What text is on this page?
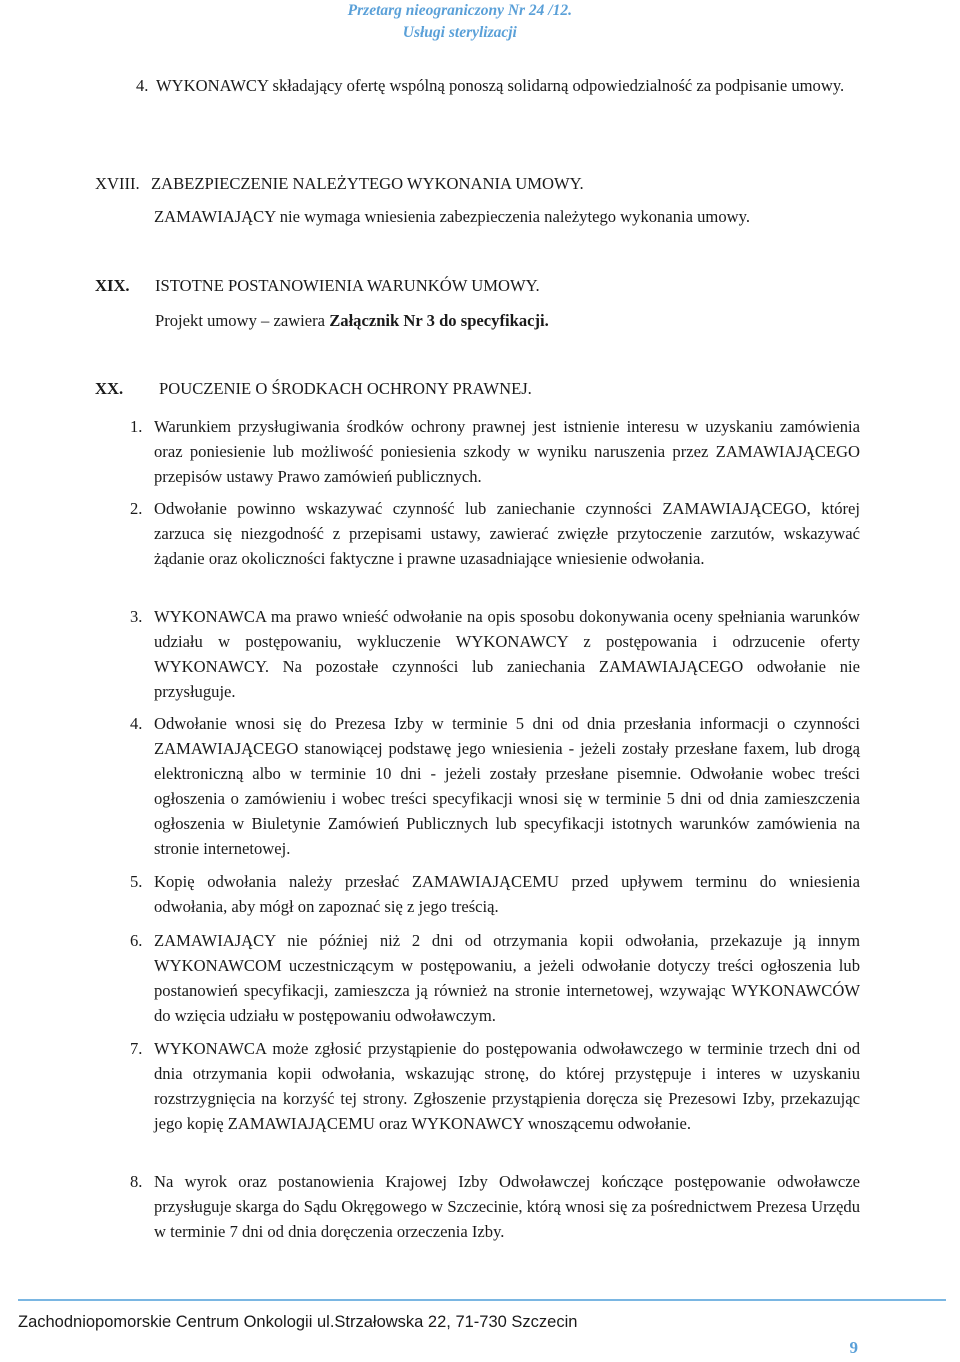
Przetarg nieograniczony Nr 24 /12.
Usługi sterylizacji
4. WYKONAWCY składający ofertę wspólną ponoszą solidarną odpowiedzialność za podpisanie umowy.
XVIII. ZABEZPIECZENIE NALEŻYTEGO WYKONANIA UMOWY.
ZAMAWIAJĄCY nie wymaga wniesienia zabezpieczenia należytego wykonania umowy.
XIX. ISTOTNE POSTANOWIENIA WARUNKÓW UMOWY.
Projekt umowy – zawiera Załącznik Nr 3 do specyfikacji.
XX. POUCZENIE O ŚRODKACH OCHRONY PRAWNEJ.
1. Warunkiem przysługiwania środków ochrony prawnej jest istnienie interesu w uzyskaniu zamówienia oraz poniesienie lub możliwość poniesienia szkody w wyniku naruszenia przez ZAMAWIAJĄCEGO przepisów ustawy Prawo zamówień publicznych.
2. Odwołanie powinno wskazywać czynność lub zaniechanie czynności ZAMAWIAJĄCEGO, której zarzuca się niezgodność z przepisami ustawy, zawierać zwięzłe przytoczenie zarzutów, wskazywać żądanie oraz okoliczności faktyczne i prawne uzasadniające wniesienie odwołania.
3. WYKONAWCA ma prawo wnieść odwołanie na opis sposobu dokonywania oceny spełniania warunków udziału w postępowaniu, wykluczenie WYKONAWCY z postępowania i odrzucenie oferty WYKONAWCY. Na pozostałe czynności lub zaniechania ZAMAWIAJĄCEGO odwołanie nie przysługuje.
4. Odwołanie wnosi się do Prezesa Izby w terminie 5 dni od dnia przesłania informacji o czynności ZAMAWIAJĄCEGO stanowiącej podstawę jego wniesienia - jeżeli zostały przesłane faxem, lub drogą elektroniczną albo w terminie 10 dni - jeżeli zostały przesłane pisemnie. Odwołanie wobec treści ogłoszenia o zamówieniu i wobec treści specyfikacji wnosi się w terminie 5 dni od dnia zamieszczenia ogłoszenia w Biuletynie Zamówień Publicznych lub specyfikacji istotnych warunków zamówienia na stronie internetowej.
5. Kopię odwołania należy przesłać ZAMAWIAJĄCEMU przed upływem terminu do wniesienia odwołania, aby mógł on zapoznać się z jego treścią.
6. ZAMAWIAJĄCY nie później niż 2 dni od otrzymania kopii odwołania, przekazuje ją innym WYKONAWCOM uczestniczącym w postępowaniu, a jeżeli odwołanie dotyczy treści ogłoszenia lub postanowień specyfikacji, zamieszcza ją również na stronie internetowej, wzywając WYKONAWCÓW do wzięcia udziału w postępowaniu odwoławczym.
7. WYKONAWCA może zgłosić przystąpienie do postępowania odwoławczego w terminie trzech dni od dnia otrzymania kopii odwołania, wskazując stronę, do której przystępuje i interes w uzyskaniu rozstrzygnięcia na korzyść tej strony. Zgłoszenie przystąpienia doręcza się Prezesowi Izby, przekazując jego kopię ZAMAWIAJĄCEMU oraz WYKONAWCY wnoszącemu odwołanie.
8. Na wyrok oraz postanowienia Krajowej Izby Odwoławczej kończące postępowanie odwoławcze przysługuje skarga do Sądu Okręgowego w Szczecinie, którą wnosi się za pośrednictwem Prezesa Urzędu w terminie 7 dni od dnia doręczenia orzeczenia Izby.
Zachodniopomorskie Centrum Onkologii ul.Strzałowska 22, 71-730 Szczecin
9
